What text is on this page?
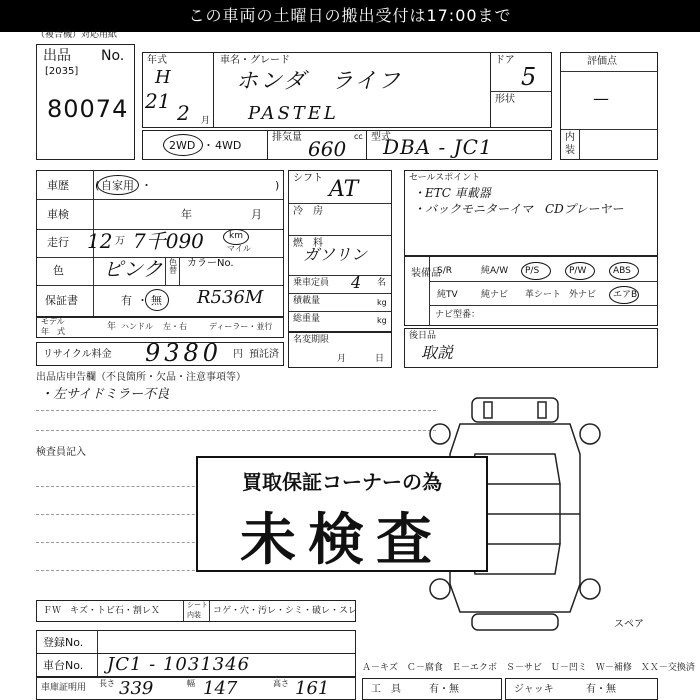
この車両の土曜日の搬出受付は17:00まで
（複合機）対応用紙
出品 No.
[2035]
80074
年式
H
21 2 月
車名・グレード
ホンダ　ライフ
PASTEL
ドア
5
形状
評価点
—
内
装
2WD ・ 4WD
排気量 660
cc 型式
DBA - JC1
車歴 ( 自家用 ・	)
車検	年	月
走行 12 万 7千090	km
マイル
色 ピンク 色
替
カラーNo.
保証書	有 ・ 無 R536M
モデル
年　式	年 ハンドル 左・右	ディーラー・並行
リサイクル料金 9380 円 預託済
シフト AT
冷　房
燃　料
ガソリン
乗車定員 4 名
積載量	kg
総重量	kg
名変期限
月	日
セールスポイント
・ETC 車載器
・バックモニターイマ　CDプレーヤー
装備品
ナビ型番：
S/R	純A/W P/S	P/W	ABS
純TV	純ナビ 革シート 外ナビ エアB
後日品
取説
出品店申告欄（不良箇所・欠品・注意事項等）
・左サイドミラー不良
検査員記入
スペア
買取保証コーナーの為
未検査
ＦＷ　キズ・トビ石・割レＸ
シート
内装 コゲ・穴・汚レ・シミ・破レ・スレ
登録No.
車台No. JC1 - 1031346
車庫証明用 長さ 339	幅 147	高さ 161
Ａ－キズ　Ｃ－腐食　Ｅ－エクボ　Ｓ－サビ　Ｕ－凹ミ　Ｗ－補修　ＸＸ－交換済
工　具	有・無	ジャッキ	有・無
